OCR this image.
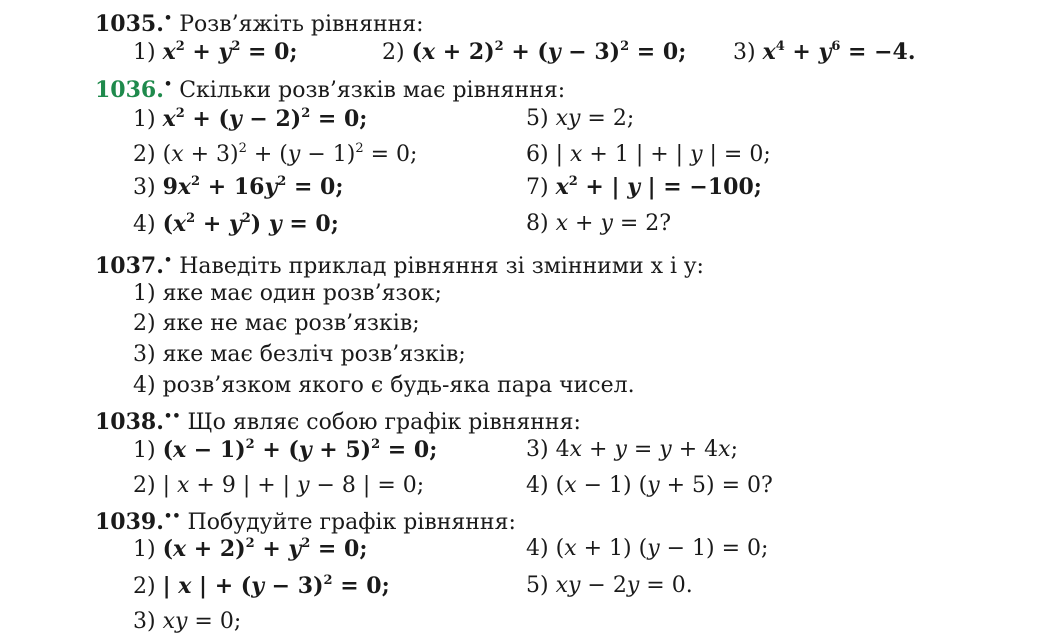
1035.• Розв’яжіть рівняння:
1) $x^2 + y^2 = 0$;	2) $(x + 2)^2 + (y - 3)^2 = 0$; 3) $x^4 + y^6 = -4$.
1036.• Скільки розв’язків має рівняння:
1) $x^2 + (y - 2)^2 = 0$;	5) xy = 2;
2) $(x + 3)^2 + (y - 1)^2 = 0$;	6) | x + 1 | + | y | = 0;
3) $9x^2 + 16y^2 = 0$;	7) $x^2$ + | y | = −100;
4) $(x^2 + y^2) y = 0$;	8) x + y = 2?
1037.• Наведіть приклад рівняння зі змінними x і y:
1) яке має один розв’язок;
2) яке не має розв’язків;
3) яке має безліч розв’язків;
4) розв’язком якого є будь-яка пара чисел.
1038.•• Що являє собою графік рівняння:
1) $(x - 1)^2 + (y + 5)^2 = 0$;	3) 4x + y = y + 4x;
2) | x + 9 | + | y − 8 | = 0;	4) (x − 1) (y + 5) = 0?
1039.•• Побудуйте графік рівняння:
1) $(x + 2)^2 + y^2 = 0$;	4) (x + 1) (y − 1) = 0;
2) | x | + $(y - 3)^2 = 0$;	5) xy − 2y = 0.
3) xy = 0;
